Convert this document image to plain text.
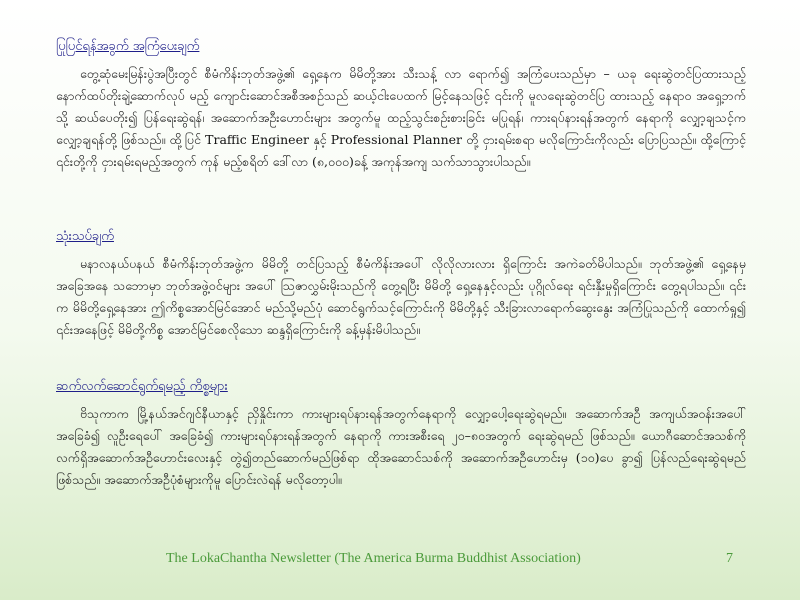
ပြုပြင်ရန်အခွက် အကြံပေးချက်

တွေ့ဆုံမေးမြန်းပွဲအပြီးတွင် စီမံကိန်းဘုတ်အဖွဲ့၏ ရှေ့နေက မိမိတို့အား သီးသန့် လာ ရောက်၍ အကြံပေးသည်မှာ – ယခု ရေးဆွဲတင်ပြထားသည့် နောက်ထပ်တိုးချဲ့ဆောက်လုပ် မည့် ကျောင်းဆောင်အစီအစဉ်သည် ဆယ့်ငါးပေထက် မြင့်နေသဖြင့် ၎င်းကို မူလရေးဆွဲတင်ပြ ထားသည့် နေရာဝ အရှေ့ဘက်သို့ ဆယ်ပေတိုး၍ ပြန်ရေးဆွဲရန်၊ အဆောက်အဦးဟောင်းများ အတွက်မူ ထည့်သွင်းစဉ်းစားခြင်း မပြုရန်၊ ကားရပ်နားရန်အတွက် နေရာကို လျှော့ချသင့်က လျှော့ချရန်တို့ ဖြစ်သည်။ ထို့ပြင် Traffic Engineer နှင့် Professional Planner တို့ ငှားရမ်းစရာ မလိုကြောင်းကိုလည်း ပြောပြသည်။ ထို့ကြောင့် ၎င်းတို့ကို ငှားရမ်းရမည့်အတွက် ကုန် မည့်စရိတ် ဒေါ်လာ (၈,၀၀၀)ခန့် အကုန်အကျ သက်သာသွားပါသည်။

သုံးသပ်ချက်

မနာလနယ်ပနယ် စီမံကိန်းဘုတ်အဖွဲ့က မိမိတို့ တင်ပြသည့် စီမံကိန်းအပေါ် လိုလိုလားလား ရှိကြောင်း အကဲခတ်မိပါသည်။ ဘုတ်အဖွဲ့၏ ရှေ့နေမှ အခြေအနေ သဘောမှာ ဘုတ်အဖွဲ့ဝင်များ အပေါ် ဩဇာလွှမ်းမိုးသည်ကို တွေ့ရပြီး မိမိတို့ ရှေ့နေနှင့်လည်း ပုဂ္ဂိုလ်ရေး ရင်းနှီးမှုရှိကြောင်း တွေ့ရပါသည်။ ၎င်းက မိမိတို့ရှေ့နေအား ဤကိစ္စအောင်မြင်အောင် မည်သို့မည်ပုံ ဆောင်ရွက်သင့်ကြောင်းကို မိမိတို့နှင့် သီးခြားလာရောက်ဆွေးနွေး အကြံပြုသည်ကို ထောက်ရှု၍ ၎င်းအနေဖြင့် မိမိတို့ကိစ္စ အောင်မြင်စေလိုသော ဆန္ဒရှိကြောင်းကို ခန့်မှန်းမိပါသည်။

ဆက်လက်ဆောင်ရွက်ရမည့် ကိစ္စများ

ဗိသုကာက မြို့နယ်အင်ဂျင်နီယာနှင့် ညှိနှိုင်းကာ ကားများရပ်နားရန်အတွက်နေရာကို လျှော့ပေါ့ရေးဆွဲရမည်။ အဆောက်အဦ အကျယ်အဝန်းအပေါ် အခြေခံ၍ လူဦးရေပေါ် အခြေခံ၍ ကားများရပ်နားရန်အတွက် နေရာကို ကားအစီးရေ ၂၀–၈၀အတွက် ရေးဆွဲရမည် ဖြစ်သည်။ ယောဂီဆောင်အသစ်ကို လက်ရှိအဆောက်အဦဟောင်းလေးနှင့် တွဲ၍တည်ဆောက်မည်ဖြစ်ရာ ထိုအဆောင်သစ်ကို အဆောက်အဦဟောင်းမှ (၁၀)ပေ ခွာ၍ ပြန်လည်ရေးဆွဲရမည် ဖြစ်သည်။ အဆောက်အဦပုံစံများကိုမူ ပြောင်းလဲရန် မလိုတော့ပါ။

The LokaChantha Newsletter (The America Burma Buddhist Association)	7
